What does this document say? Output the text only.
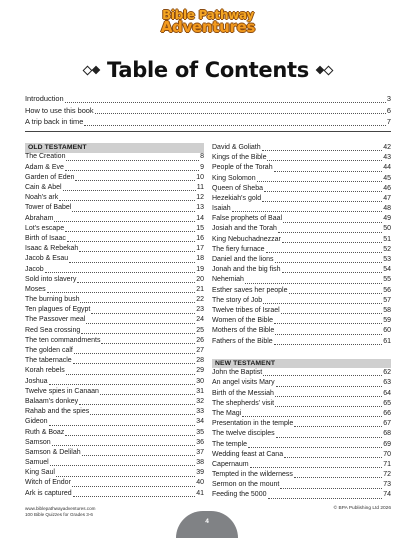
Bible Pathway
Adventures
Table of Contents
Introduction	3
How to use this book	6
A trip back in time	7
OLD TESTAMENT
The Creation	8
Adam & Eve	9
Garden of Eden	10
Cain & Abel	11
Noah's ark	12
Tower of Babel	13
Abraham	14
Lot's escape	15
Birth of Isaac	16
Isaac & Rebekah	17
Jacob & Esau	18
Jacob	19
Sold into slavery	20
Moses	21
The burning bush	22
Ten plagues of Egypt	23
The Passover meal	24
Red Sea crossing	25
The ten commandments	26
The golden calf	27
The tabernacle	28
Korah rebels	29
Joshua	30
Twelve spies in Canaan	31
Balaam's donkey	32
Rahab and the spies	33
Gideon	34
Ruth & Boaz	35
Samson	36
Samson & Delilah	37
Samuel	38
King Saul	39
Witch of Endor	40
Ark is captured	41
David & Goliath	42
Kings of the Bible	43
People of the Torah	44
King Solomon	45
Queen of Sheba	46
Hezekiah's gold	47
Isaiah	48
False prophets of Baal	49
Josiah and the Torah	50
King Nebuchadnezzar	51
The fiery furnace	52
Daniel and the lions	53
Jonah and the big fish	54
Nehemiah	55
Esther saves her people	56
The story of Job	57
Twelve tribes of Israel	58
Women of the Bible	59
Mothers of the Bible	60
Fathers of the Bible	61
NEW TESTAMENT
John the Baptist	62
An angel visits Mary	63
Birth of the Messiah	64
The shepherds' visit	65
The Magi	66
Presentation in the temple	67
The twelve disciples	68
The temple	69
Wedding feast at Cana	70
Capernaum	71
Tempted in the wilderness	72
Sermon on the mount	73
Feeding the 5000	74
www.biblepathwayadventures.com
100 Bible Quizzes for Grades 3-6
© BPA Publishing Ltd 2026
4
